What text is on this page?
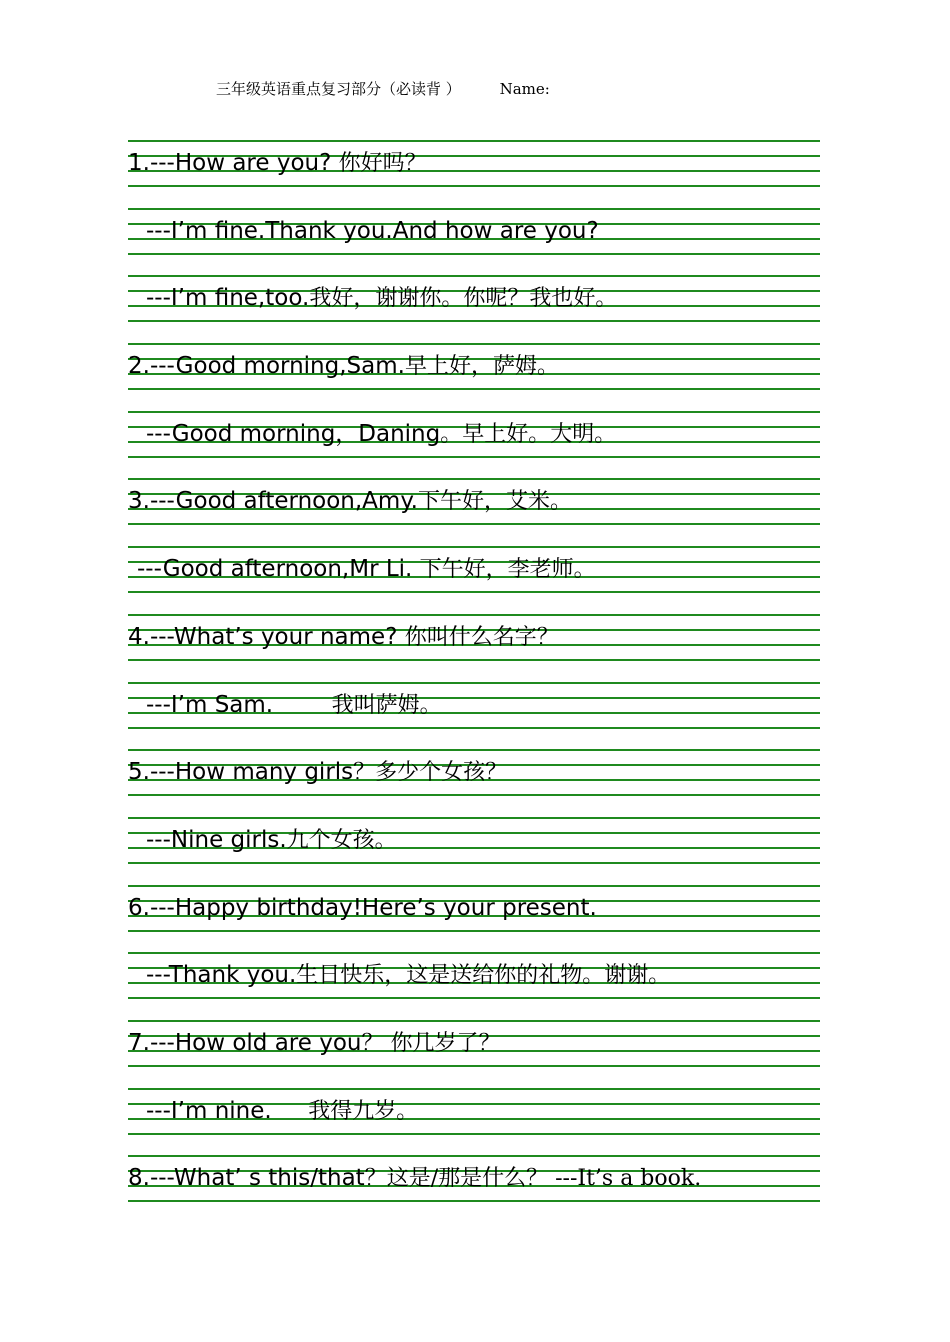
三年级英语重点复习部分（必读背 ）	Name:
1.---How are you? 你好吗？
---I’m fine.Thank you.And how are you?
---I’m fine,too.我好，谢谢你。你呢？我也好。
2.---Good morning,Sam.早上好，萨姆。
---Good morning，Daning。早上好。大明。
3.---Good afternoon,Amy.下午好，艾米。
---Good afternoon,Mr Li. 下午好，李老师。
4.---What’s your name? 你叫什么名字？
---I’m Sam.        我叫萨姆。
5.---How many girls？多少个女孩？
---Nine girls.九个女孩。
6.---Happy birthday!Here’s your present.
---Thank you.生日快乐，这是送给你的礼物。谢谢。
7.---How old are you？ 你几岁了？
---I’m nine.     我得九岁。
8.---What’ s this/that？这是/那是什么？ ---It’s a book.
